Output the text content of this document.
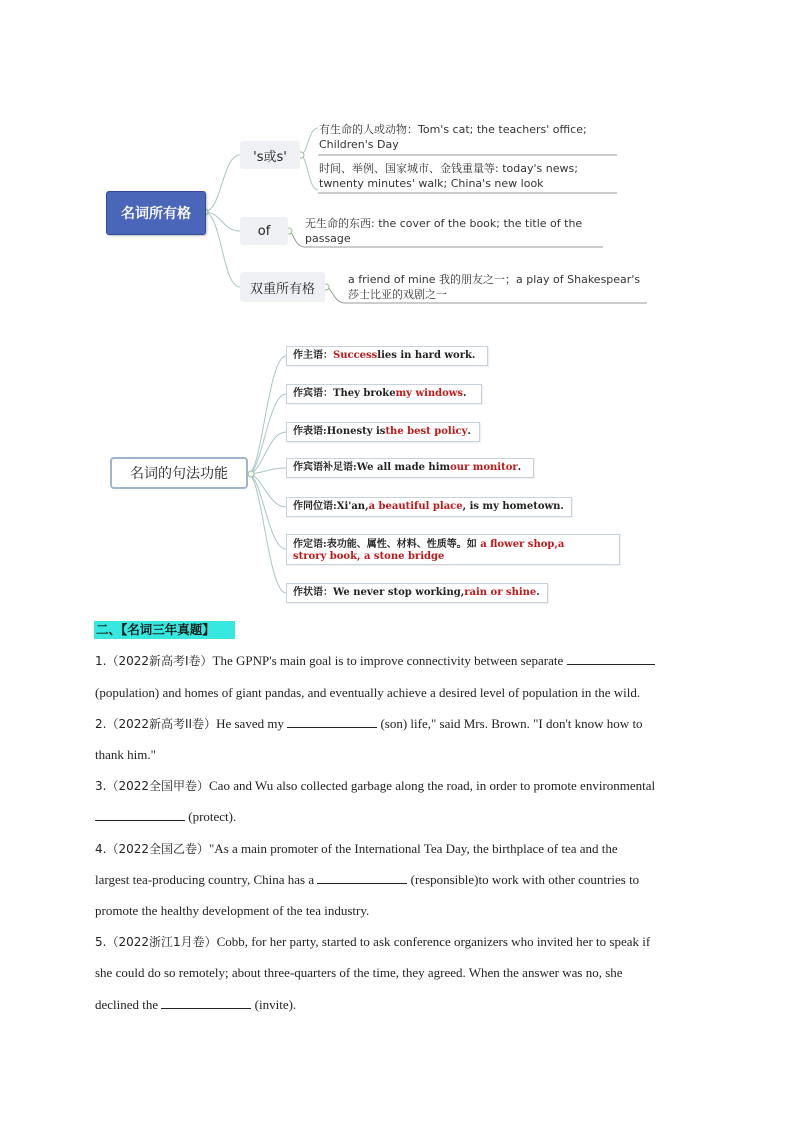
名词所有格
's或s'
of
双重所有格
有生命的人或动物：Tom's cat; the teachers' office;
Children's Day
时间、举例、国家城市、金钱重量等: today's news;
twnenty minutes' walk; China's new look
无生命的东西: the cover of the book; the title of the
passage
a friend of mine 我的朋友之一；a play of Shakespear's
莎士比亚的戏剧之一
名词的句法功能
作主语： Success lies in hard work.
作宾语： They broke my windows .
作表语: Honesty is the best policy .
作宾语补足语: We all made him our monitor .
作同位语: Xi'an, a beautiful place , is my hometown.
作定语:表功能、属性、材料、性质等。如 a flower shop,a
strory book, a stone bridge
作状语： We never stop working, rain or shine .
二、【名词三年真题】
1.（2022新高考I卷）The GPNP's main goal is to improve connectivity between separate
(population) and homes of giant pandas, and eventually achieve a desired level of population in the wild.
2.（2022新高考II卷）He saved my	(son) life," said Mrs. Brown. "I don't know how to
thank him."
3.（2022全国甲卷）Cao and Wu also collected garbage along the road, in order to promote environmental
(protect).
4.（2022全国乙卷）"As a main promoter of the International Tea Day, the birthplace of tea and the
largest tea-producing country, China has a	(responsible)to work with other countries to
promote the healthy development of the tea industry.
5.（2022浙江1月卷）Cobb, for her party, started to ask conference organizers who invited her to speak if
she could do so remotely; about three-quarters of the time, they agreed. When the answer was no, she
declined the	(invite).
